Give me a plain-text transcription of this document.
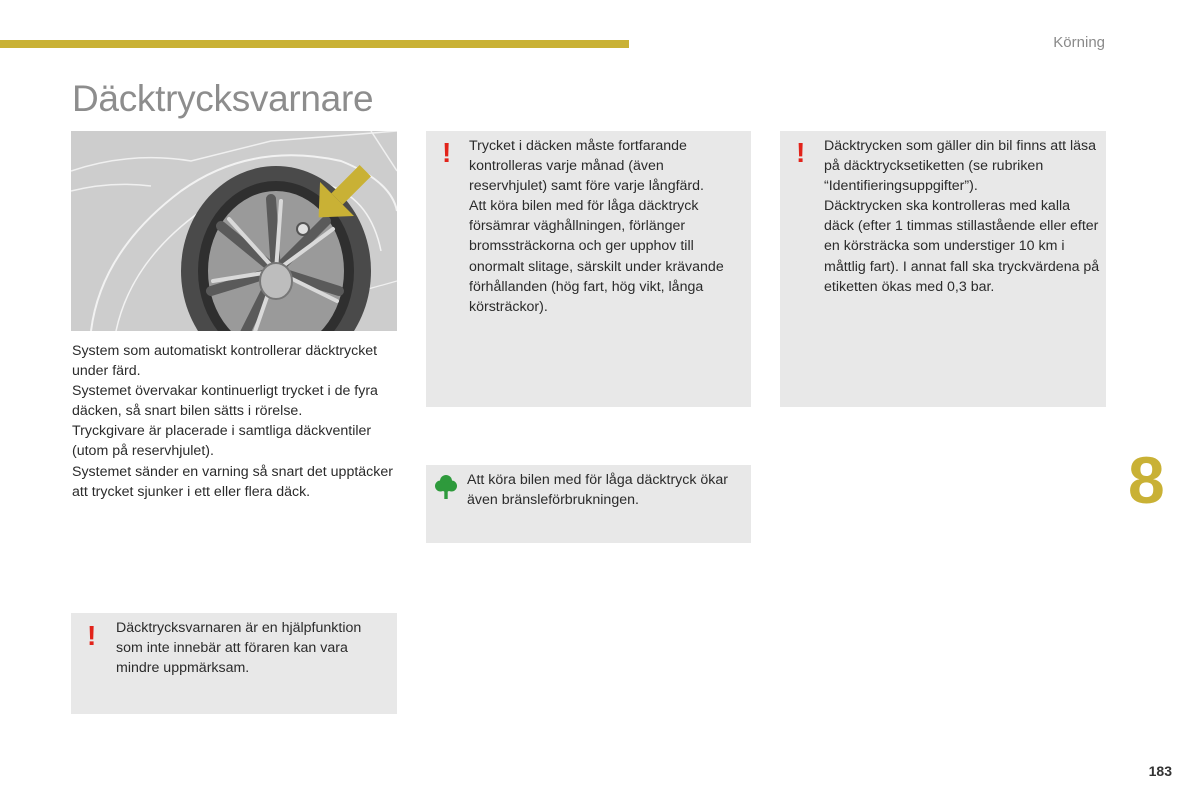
Körning
Däcktrycksvarnare

System som automatiskt kontrollerar däcktrycket under färd.

Systemet övervakar kontinuerligt trycket i de fyra däcken, så snart bilen sätts i rörelse.

Tryckgivare är placerade i samtliga däckventiler (utom på reservhjulet).

Systemet sänder en varning så snart det upptäcker att trycket sjunker i ett eller flera däck.

! Trycket i däcken måste fortfarande kontrolleras varje månad (även reservhjulet) samt före varje långfärd.

Att köra bilen med för låga däcktryck försämrar väghållningen, förlänger bromssträckorna och ger upphov till onormalt slitage, särskilt under krävande förhållanden (hög fart, hög vikt, långa körsträckor).

! Däcktrycken som gäller din bil finns att läsa på däcktrycksetiketten (se rubriken “Identifieringsuppgifter”).

Däcktrycken ska kontrolleras med kalla däck (efter 1 timmas stillastående eller efter en körsträcka som understiger 10 km i måttlig fart). I annat fall ska tryckvärdena på etiketten ökas med 0,3 bar.

Att köra bilen med för låga däcktryck ökar även bränsleförbrukningen.
! Däcktrycksvarnaren är en hjälpfunktion som inte innebär att föraren kan vara mindre uppmärksam.
8
183
